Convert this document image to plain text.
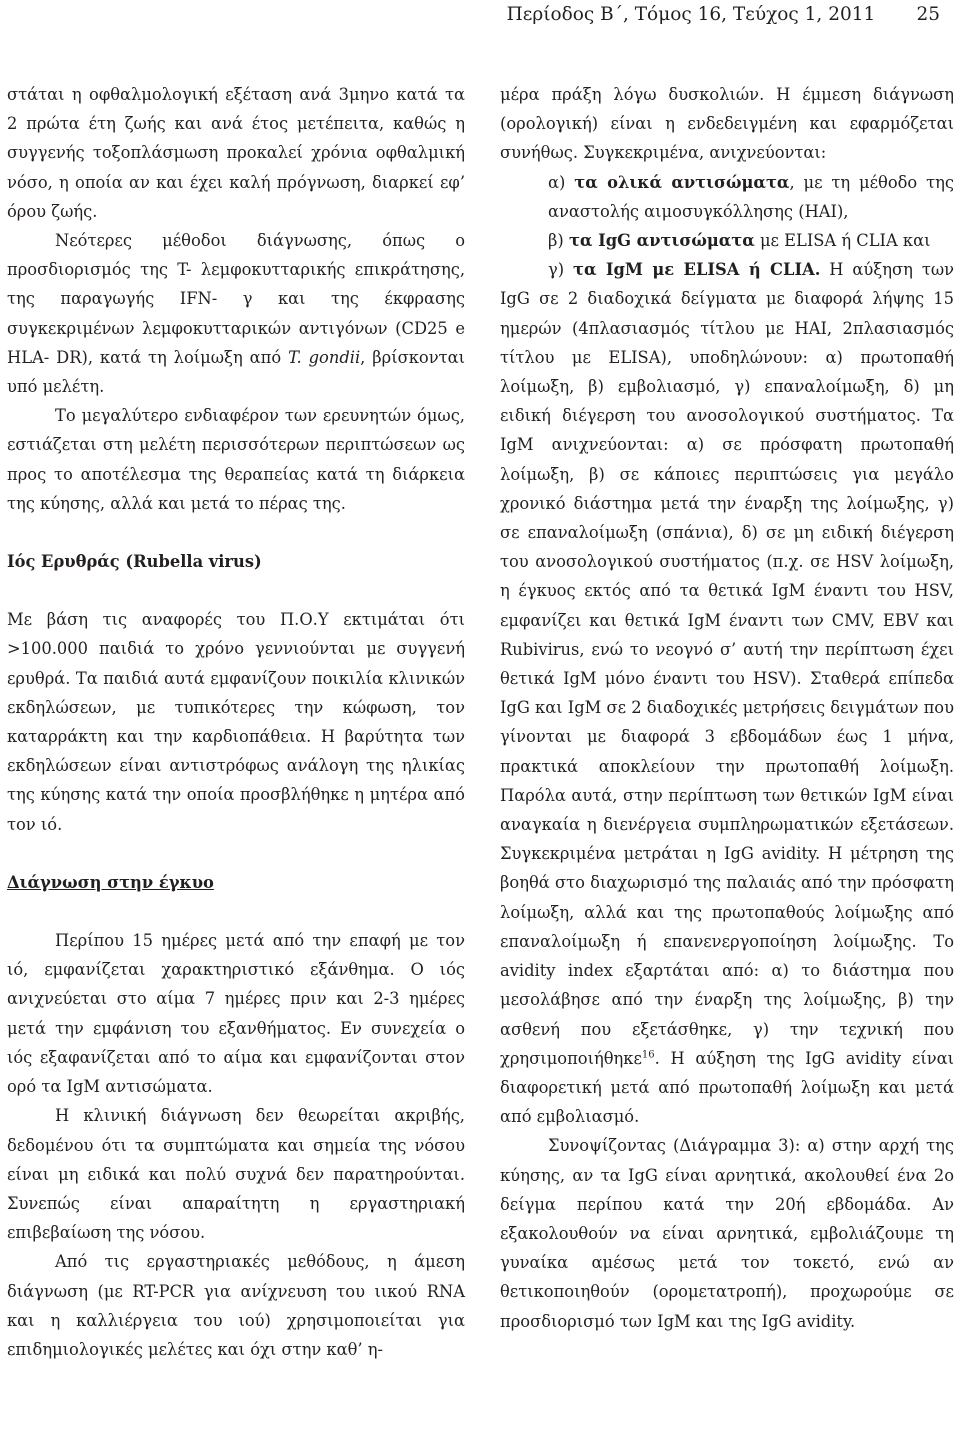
Περίοδος Β΄, Τόμος 16, Τεύχος 1, 2011 25

στάται η οφθαλμολογική εξέταση ανά 3μηνο κατά τα 2 πρώτα έτη ζωής και ανά έτος μετέπειτα, καθώς η συγγενής τοξοπλάσμωση προκαλεί χρόνια οφθαλμική νόσο, η οποία αν και έχει καλή πρόγνωση, διαρκεί εφ’ όρου ζωής.

Νεότερες μέθοδοι διάγνωσης, όπως ο προσδιορισμός της T- λεμφοκυτταρικής επικράτησης, της παραγωγής IFN- γ και της έκφρασης συγκεκριμένων λεμφοκυτταρικών αντιγόνων (CD25 e HLA- DR), κατά τη λοίμωξη από T. gondii, βρίσκονται υπό μελέτη.

Το μεγαλύτερο ενδιαφέρον των ερευνητών όμως, εστιάζεται στη μελέτη περισσότερων περιπτώσεων ως προς το αποτέλεσμα της θεραπείας κατά τη διάρκεια της κύησης, αλλά και μετά το πέρας της.

Ιός Ερυθράς (Rubella virus)

Με βάση τις αναφορές του Π.Ο.Υ εκτιμάται ότι >100.000 παιδιά το χρόνο γεννιούνται με συγγενή ερυθρά. Τα παιδιά αυτά εμφανίζουν ποικιλία κλινικών εκδηλώσεων, με τυπικότερες την κώφωση, τον καταρράκτη και την καρδιοπάθεια. Η βαρύτητα των εκδηλώσεων είναι αντιστρόφως ανάλογη της ηλικίας της κύησης κατά την οποία προσβλήθηκε η μητέρα από τον ιό.

Διάγνωση στην έγκυο

Περίπου 15 ημέρες μετά από την επαφή με τον ιό, εμφανίζεται χαρακτηριστικό εξάνθημα. Ο ιός ανιχνεύεται στο αίμα 7 ημέρες πριν και 2-3 ημέρες μετά την εμφάνιση του εξανθήματος. Εν συνεχεία ο ιός εξαφανίζεται από το αίμα και εμφανίζονται στον ορό τα IgM αντισώματα.

Η κλινική διάγνωση δεν θεωρείται ακριβής, δεδομένου ότι τα συμπτώματα και σημεία της νόσου είναι μη ειδικά και πολύ συχνά δεν παρατηρούνται. Συνεπώς είναι απαραίτητη η εργαστηριακή επιβεβαίωση της νόσου.

Από τις εργαστηριακές μεθόδους, η άμεση διάγνωση (με RT-PCR για ανίχνευση του ιικού RNA και η καλλιέργεια του ιού) χρησιμοποιείται για επιδημιολογικές μελέτες και όχι στην καθ’ η-

μέρα πράξη λόγω δυσκολιών. Η έμμεση διάγνωση (ορολογική) είναι η ενδεδειγμένη και εφαρμόζεται συνήθως. Συγκεκριμένα, ανιχνεύονται:

α) τα ολικά αντισώματα, με τη μέθοδο της αναστολής αιμοσυγκόλλησης (HAI),

β) τα IgG αντισώματα με ELISA ή CLIA και

γ) τα IgM με ELISA ή CLIA. Η αύξηση των IgG σε 2 διαδοχικά δείγματα με διαφορά λήψης 15 ημερών (4πλασιασμός τίτλου με HAI, 2πλασιασμός τίτλου με ELISA), υποδηλώνουν: α) πρωτοπαθή λοίμωξη, β) εμβολιασμό, γ) επαναλοίμωξη, δ) μη ειδική διέγερση του ανοσολογικού συστήματος. Τα IgM ανιχνεύονται: α) σε πρόσφατη πρωτοπαθή λοίμωξη, β) σε κάποιες περιπτώσεις για μεγάλο χρονικό διάστημα μετά την έναρξη της λοίμωξης, γ) σε επαναλοίμωξη (σπάνια), δ) σε μη ειδική διέγερση του ανοσολογικού συστήματος (π.χ. σε HSV λοίμωξη, η έγκυος εκτός από τα θετικά IgM έναντι του HSV, εμφανίζει και θετικά IgM έναντι των CMV, EBV και Rubivirus, ενώ το νεογνό σ’ αυτή την περίπτωση έχει θετικά IgM μόνο έναντι του HSV). Σταθερά επίπεδα IgG και IgM σε 2 διαδοχικές μετρήσεις δειγμάτων που γίνονται με διαφορά 3 εβδομάδων έως 1 μήνα, πρακτικά αποκλείουν την πρωτοπαθή λοίμωξη. Παρόλα αυτά, στην περίπτωση των θετικών IgM είναι αναγκαία η διενέργεια συμπληρωματικών εξετάσεων. Συγκεκριμένα μετράται η IgG avidity. Η μέτρηση της βοηθά στο διαχωρισμό της παλαιάς από την πρόσφατη λοίμωξη, αλλά και της πρωτοπαθούς λοίμωξης από επαναλοίμωξη ή επανενεργοποίηση λοίμωξης. Το avidity index εξαρτάται από: α) το διάστημα που μεσολάβησε από την έναρξη της λοίμωξης, β) την ασθενή που εξετάσθηκε, γ) την τεχνική που χρησιμοποιήθηκε$^{16}$. Η αύξηση της IgG avidity είναι διαφορετική μετά από πρωτοπαθή λοίμωξη και μετά από εμβολιασμό.

Συνοψίζοντας (Διάγραμμα 3): α) στην αρχή της κύησης, αν τα IgG είναι αρνητικά, ακολουθεί ένα 2ο δείγμα περίπου κατά την 20ή εβδομάδα. Αν εξακολουθούν να είναι αρνητικά, εμβολιάζουμε τη γυναίκα αμέσως μετά τον τοκετό, ενώ αν θετικοποιηθούν (ορομετατροπή), προχωρούμε σε προσδιορισμό των IgM και της IgG avidity.
